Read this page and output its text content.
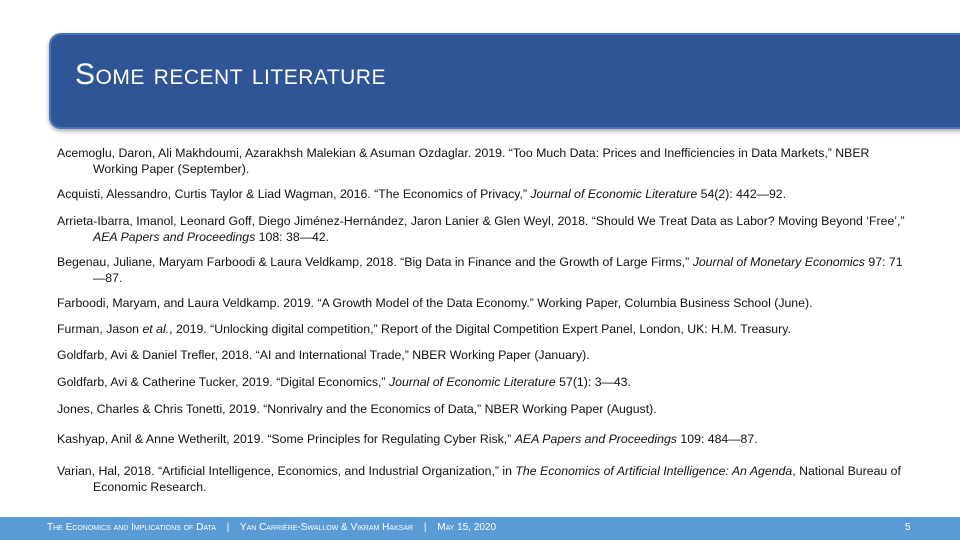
Some recent literature
Acemoglu, Daron, Ali Makhdoumi, Azarakhsh Malekian & Asuman Ozdaglar. 2019. “Too Much Data: Prices and Inefficiencies in Data Markets,” NBER Working Paper (September).
Acquisti, Alessandro, Curtis Taylor & Liad Wagman, 2016. “The Economics of Privacy,” Journal of Economic Literature 54(2): 442—92.
Arrieta-Ibarra, Imanol, Leonard Goff, Diego Jiménez-Hernández, Jaron Lanier & Glen Weyl, 2018. “Should We Treat Data as Labor? Moving Beyond ‘Free’,” AEA Papers and Proceedings 108: 38—42.
Begenau, Juliane, Maryam Farboodi & Laura Veldkamp, 2018. “Big Data in Finance and the Growth of Large Firms,” Journal of Monetary Economics 97: 71—87.
Farboodi, Maryam, and Laura Veldkamp. 2019. “A Growth Model of the Data Economy.” Working Paper, Columbia Business School (June).
Furman, Jason et al., 2019. “Unlocking digital competition,” Report of the Digital Competition Expert Panel, London, UK: H.M. Treasury.
Goldfarb, Avi & Daniel Trefler, 2018. “AI and International Trade,” NBER Working Paper (January).
Goldfarb, Avi & Catherine Tucker, 2019. “Digital Economics,” Journal of Economic Literature 57(1): 3—43.
Jones, Charles & Chris Tonetti, 2019. “Nonrivalry and the Economics of Data,” NBER Working Paper (August).
Kashyap, Anil & Anne Wetherilt, 2019. “Some Principles for Regulating Cyber Risk,” AEA Papers and Proceedings 109: 484—87.
Varian, Hal, 2018. “Artificial Intelligence, Economics, and Industrial Organization,” in The Economics of Artificial Intelligence: An Agenda, National Bureau of Economic Research.
The Economics and Implications of Data | Yan Carrière-Swallow & Vikram Haksar | May 15, 2020	5
